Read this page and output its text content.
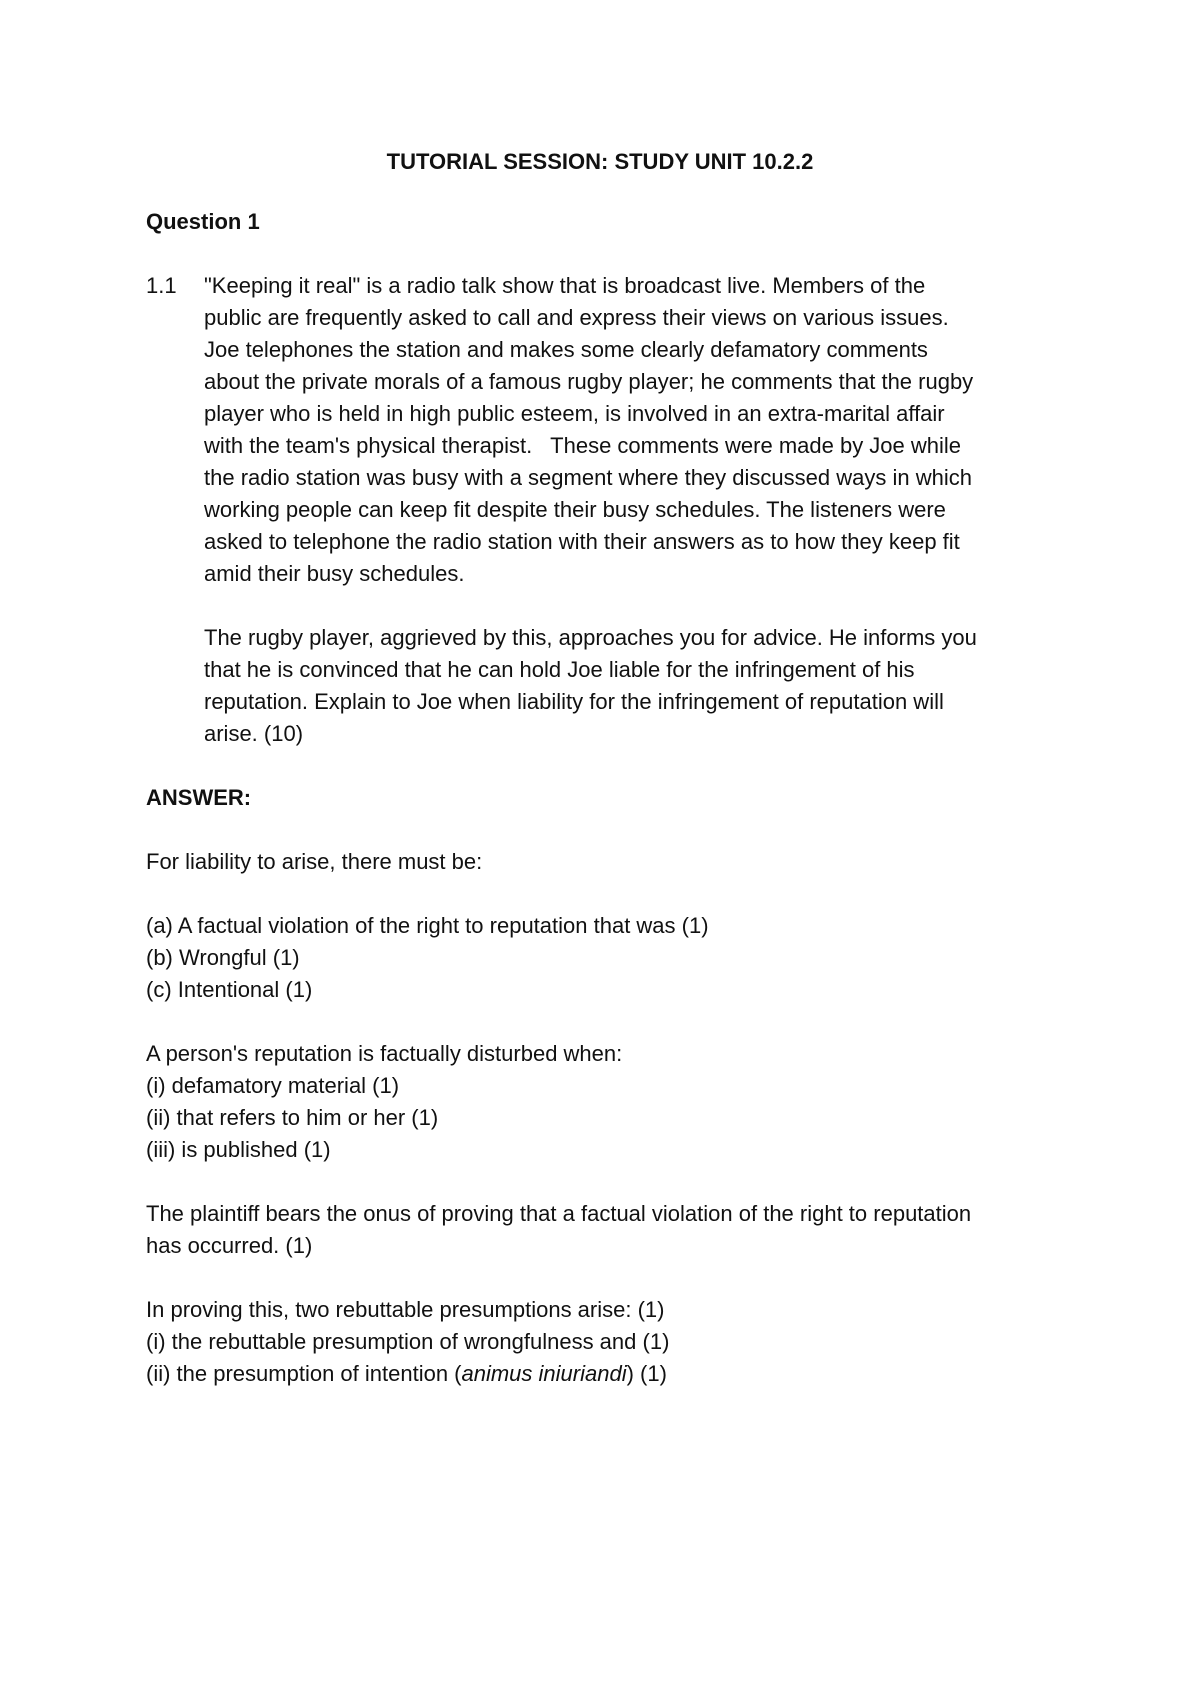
TUTORIAL SESSION: STUDY UNIT 10.2.2
Question 1
1.1 "Keeping it real" is a radio talk show that is broadcast live. Members of the
public are frequently asked to call and express their views on various issues.
Joe telephones the station and makes some clearly defamatory comments
about the private morals of a famous rugby player; he comments that the rugby
player who is held in high public esteem, is involved in an extra-marital affair
with the team's physical therapist.   These comments were made by Joe while
the radio station was busy with a segment where they discussed ways in which
working people can keep fit despite their busy schedules. The listeners were
asked to telephone the radio station with their answers as to how they keep fit
amid their busy schedules.
The rugby player, aggrieved by this, approaches you for advice. He informs you
that he is convinced that he can hold Joe liable for the infringement of his
reputation. Explain to Joe when liability for the infringement of reputation will
arise. (10)
ANSWER:
For liability to arise, there must be:
(a) A factual violation of the right to reputation that was (1)
(b) Wrongful (1)
(c) Intentional (1)
A person's reputation is factually disturbed when:
(i) defamatory material (1)
(ii) that refers to him or her (1)
(iii) is published (1)
The plaintiff bears the onus of proving that a factual violation of the right to reputation
has occurred. (1)
In proving this, two rebuttable presumptions arise: (1)
(i) the rebuttable presumption of wrongfulness and (1)
(ii) the presumption of intention (animus iniuriandi) (1)
